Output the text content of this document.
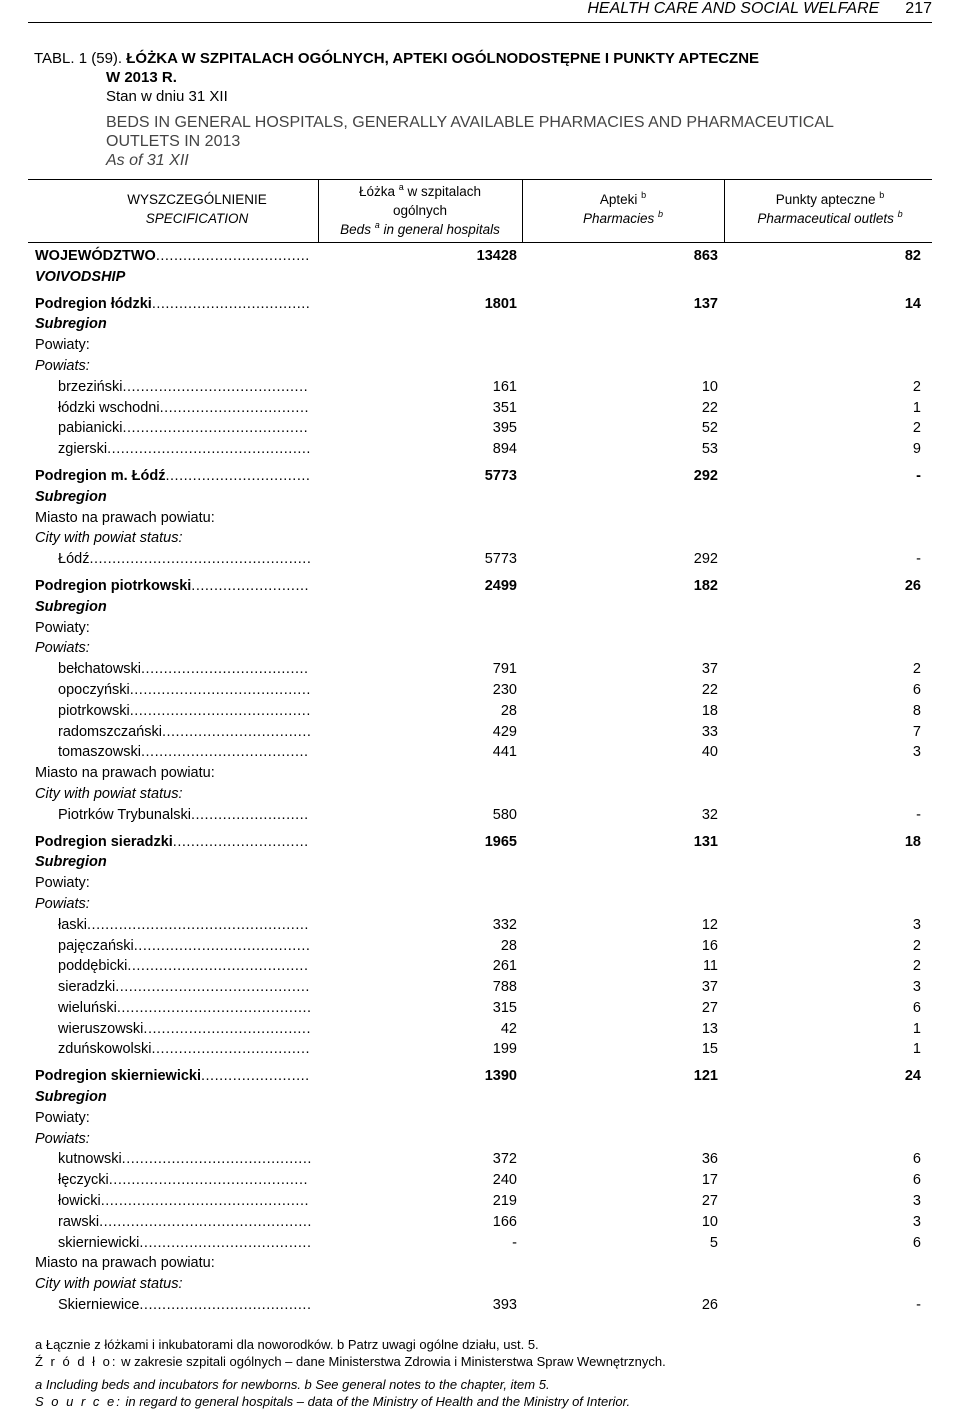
HEALTH CARE AND SOCIAL WELFARE 217
TABL. 1 (59). ŁÓŻKA W SZPITALACH OGÓLNYCH, APTEKI OGÓLNODOSTĘPNE I PUNKTY APTECZNE
W 2013 R.
Stan w dniu 31 XII
BEDS IN GENERAL HOSPITALS, GENERALLY AVAILABLE PHARMACIES AND PHARMACEUTICAL
OUTLETS IN 2013
As of 31 XII
WYSZCZEGÓLNIENIE
SPECIFICATION
Łóżka $^a$ w szpitalach
ogólnych
Beds $^a$ in general hospitals
Apteki $^b$
Pharmacies $^b$
Punkty apteczne $^b$
Pharmaceutical outlets $^b$
WOJEWÓDZTWO..................................	13428	863	82
VOIVODSHIP
Podregion łódzki...................................	1801	137	14
Subregion
Powiaty:
Powiats:
brzeziński.........................................	161	10	2
łódzki wschodni.................................	351	22	1
pabianicki.........................................	395	52	2
zgierski.............................................	894	53	9
Podregion m. Łódź................................	5773	292	-
Subregion
Miasto na prawach powiatu:
City with powiat status:
Łódź.................................................	5773	292	-
Podregion piotrkowski..........................	2499	182	26
Subregion
Powiaty:
Powiats:
bełchatowski.....................................	791	37	2
opoczyński........................................	230	22	6
piotrkowski........................................	28	18	8
radomszczański.................................	429	33	7
tomaszowski.....................................	441	40	3
Miasto na prawach powiatu:
City with powiat status:
Piotrków Trybunalski..........................	580	32	-
Podregion sieradzki..............................	1965	131	18
Subregion
Powiaty:
Powiats:
łaski.................................................	332	12	3
pajęczański.......................................	28	16	2
poddębicki........................................	261	11	2
sieradzki...........................................	788	37	3
wieluński...........................................	315	27	6
wieruszowski.....................................	42	13	1
zduńskowolski...................................	199	15	1
Podregion skierniewicki........................	1390	121	24
Subregion
Powiaty:
Powiats:
kutnowski..........................................	372	36	6
łęczycki............................................	240	17	6
łowicki..............................................	219	27	3
rawski...............................................	166	10	3
skierniewicki......................................	-	5	6
Miasto na prawach powiatu:
City with powiat status:
Skierniewice......................................	393	26	-
a Łącznie z łóżkami i inkubatorami dla noworodków. b Patrz uwagi ogólne działu, ust. 5.
Ź r ó d ł o: w zakresie szpitali ogólnych – dane Ministerstwa Zdrowia i Ministerstwa Spraw Wewnętrznych.
a Including beds and incubators for newborns. b See general notes to the chapter, item 5.
S o u r c e: in regard to general hospitals – data of the Ministry of Health and the Ministry of Interior.
